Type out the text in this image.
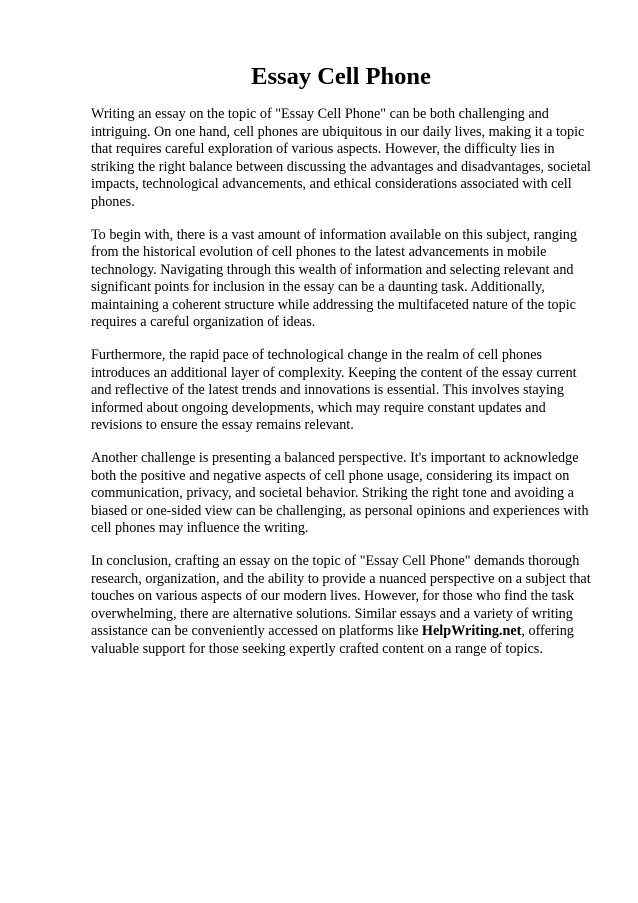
Essay Cell Phone

Writing an essay on the topic of "Essay Cell Phone" can be both challenging and intriguing. On one hand, cell phones are ubiquitous in our daily lives, making it a topic that requires careful exploration of various aspects. However, the difficulty lies in striking the right balance between discussing the advantages and disadvantages, societal impacts, technological advancements, and ethical considerations associated with cell phones.

To begin with, there is a vast amount of information available on this subject, ranging from the historical evolution of cell phones to the latest advancements in mobile technology. Navigating through this wealth of information and selecting relevant and significant points for inclusion in the essay can be a daunting task. Additionally, maintaining a coherent structure while addressing the multifaceted nature of the topic requires a careful organization of ideas.

Furthermore, the rapid pace of technological change in the realm of cell phones introduces an additional layer of complexity. Keeping the content of the essay current and reflective of the latest trends and innovations is essential. This involves staying informed about ongoing developments, which may require constant updates and revisions to ensure the essay remains relevant.

Another challenge is presenting a balanced perspective. It's important to acknowledge both the positive and negative aspects of cell phone usage, considering its impact on communication, privacy, and societal behavior. Striking the right tone and avoiding a biased or one-sided view can be challenging, as personal opinions and experiences with cell phones may influence the writing.

In conclusion, crafting an essay on the topic of "Essay Cell Phone" demands thorough research, organization, and the ability to provide a nuanced perspective on a subject that touches on various aspects of our modern lives. However, for those who find the task overwhelming, there are alternative solutions. Similar essays and a variety of writing assistance can be conveniently accessed on platforms like HelpWriting.net, offering valuable support for those seeking expertly crafted content on a range of topics.
